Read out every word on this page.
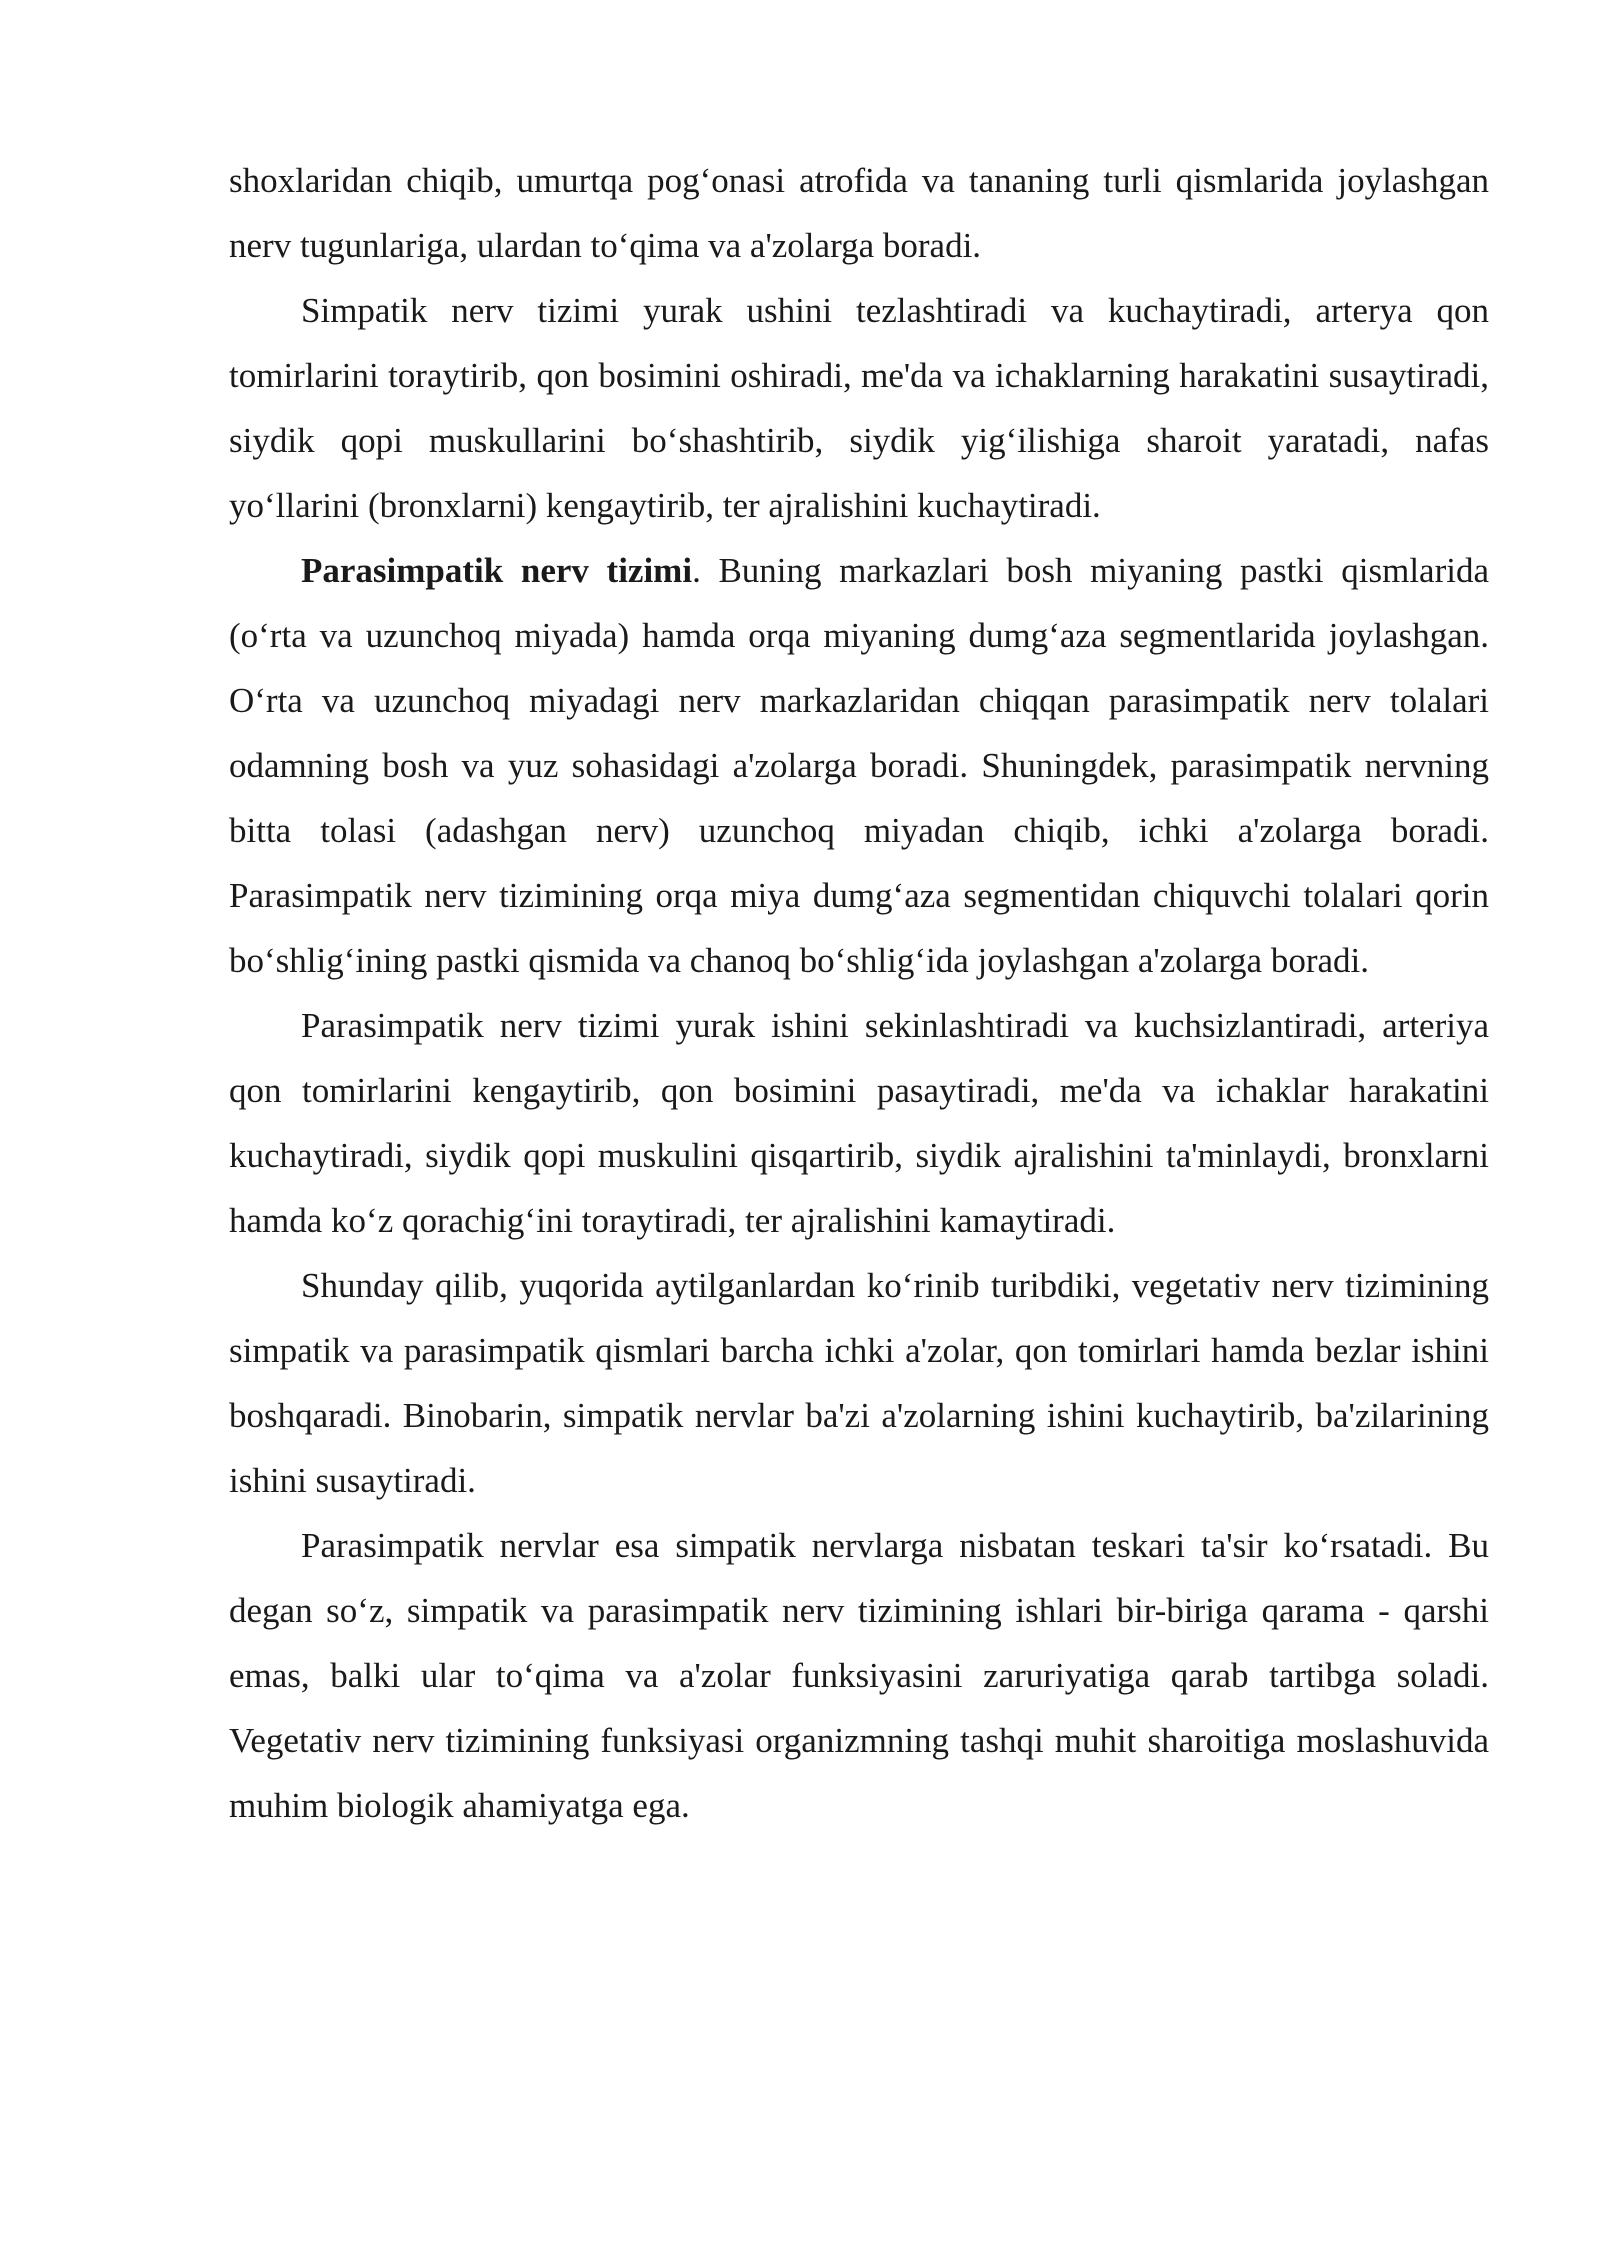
shoxlaridan chiqib, umurtqa pog‘onasi atrofida va tananing turli qismlarida joylashgan nerv tugunlariga, ulardan to‘qima va a'zolarga boradi.

Simpatik nerv tizimi yurak ushini tezlashtiradi va kuchaytiradi, arterya qon tomirlarini toraytirib, qon bosimini oshiradi, me'da va ichaklarning harakatini susaytiradi, siydik qopi muskullarini bo‘shashtirib, siydik yig‘ilishiga sharoit yaratadi, nafas yo‘llarini (bronxlarni) kengaytirib, ter ajralishini kuchaytiradi.

Parasimpatik nerv tizimi. Buning markazlari bosh miyaning pastki qismlarida (o‘rta va uzunchoq miyada) hamda orqa miyaning dumg‘aza segmentlarida joylashgan. O‘rta va uzunchoq miyadagi nerv markazlaridan chiqqan parasimpatik nerv tolalari odamning bosh va yuz sohasidagi a'zolarga boradi. Shuningdek, parasimpatik nervning bitta tolasi (adashgan nerv) uzunchoq miyadan chiqib, ichki a'zolarga boradi. Parasimpatik nerv tizimining orqa miya dumg‘aza segmentidan chiquvchi tolalari qorin bo‘shlig‘ining pastki qismida va chanoq bo‘shlig‘ida joylashgan a'zolarga boradi.

Parasimpatik nerv tizimi yurak ishini sekinlashtiradi va kuchsizlantiradi, arteriya qon tomirlarini kengaytirib, qon bosimini pasaytiradi, me'da va ichaklar harakatini kuchaytiradi, siydik qopi muskulini qisqartirib, siydik ajralishini ta'minlaydi, bronxlarni hamda ko‘z qorachig‘ini toraytiradi, ter ajralishini kamaytiradi.

Shunday qilib, yuqorida aytilganlardan ko‘rinib turibdiki, vegetativ nerv tizimining simpatik va parasimpatik qismlari barcha ichki a'zolar, qon tomirlari hamda bezlar ishini boshqaradi. Binobarin, simpatik nervlar ba'zi a'zolarning ishini kuchaytirib, ba'zilarining ishini susaytiradi.

Parasimpatik nervlar esa simpatik nervlarga nisbatan teskari ta'sir ko‘rsatadi. Bu degan so‘z, simpatik va parasimpatik nerv tizimining ishlari bir-biriga qarama - qarshi emas, balki ular to‘qima va a'zolar funksiyasini zaruriyatiga qarab tartibga soladi. Vegetativ nerv tizimining funksiyasi organizmning tashqi muhit sharoitiga moslashuvida muhim biologik ahamiyatga ega.
